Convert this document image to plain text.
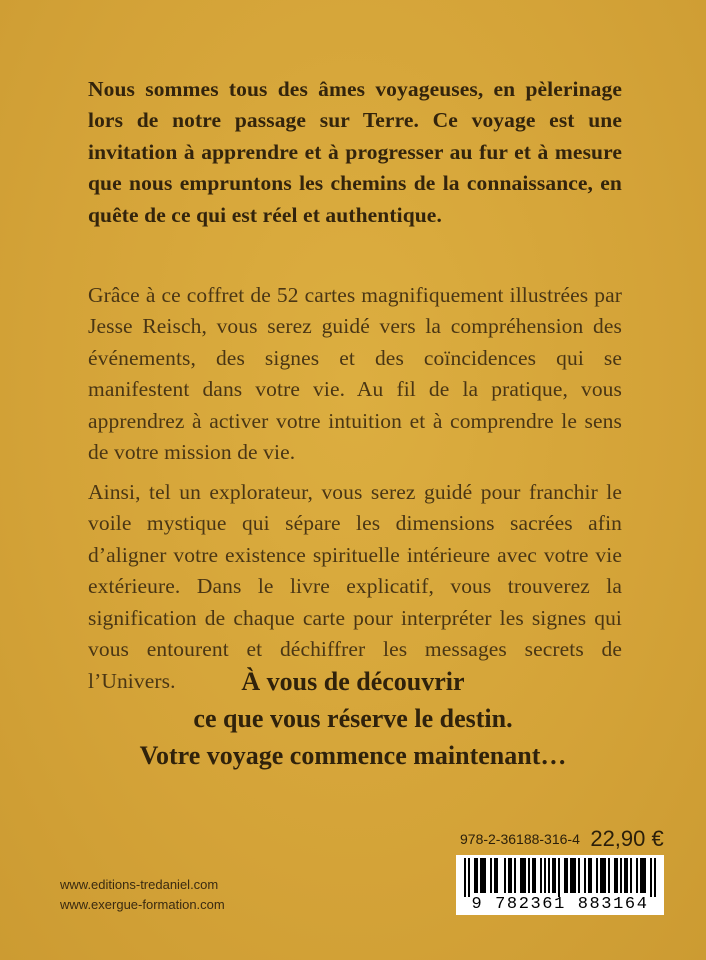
Nous sommes tous des âmes voyageuses, en pèlerinage lors de notre passage sur Terre. Ce voyage est une invitation à apprendre et à progresser au fur et à mesure que nous empruntons les chemins de la connaissance, en quête de ce qui est réel et authentique.

Grâce à ce coffret de 52 cartes magnifiquement illustrées par Jesse Reisch, vous serez guidé vers la compréhension des événements, des signes et des coïncidences qui se manifestent dans votre vie. Au fil de la pratique, vous apprendrez à activer votre intuition et à comprendre le sens de votre mission de vie.

Ainsi, tel un explorateur, vous serez guidé pour franchir le voile mystique qui sépare les dimensions sacrées afin d’aligner votre existence spirituelle intérieure avec votre vie extérieure. Dans le livre explicatif, vous trouverez la signification de chaque carte pour interpréter les signes qui vous entourent et déchiffrer les messages secrets de l’Univers.	À vous de découvrir
ce que vous réserve le destin.
Votre voyage commence maintenant…
www.editions-tredaniel.com
www.exergue-formation.com
978-2-36188-316-4 22,90 €
9 782361 883164
